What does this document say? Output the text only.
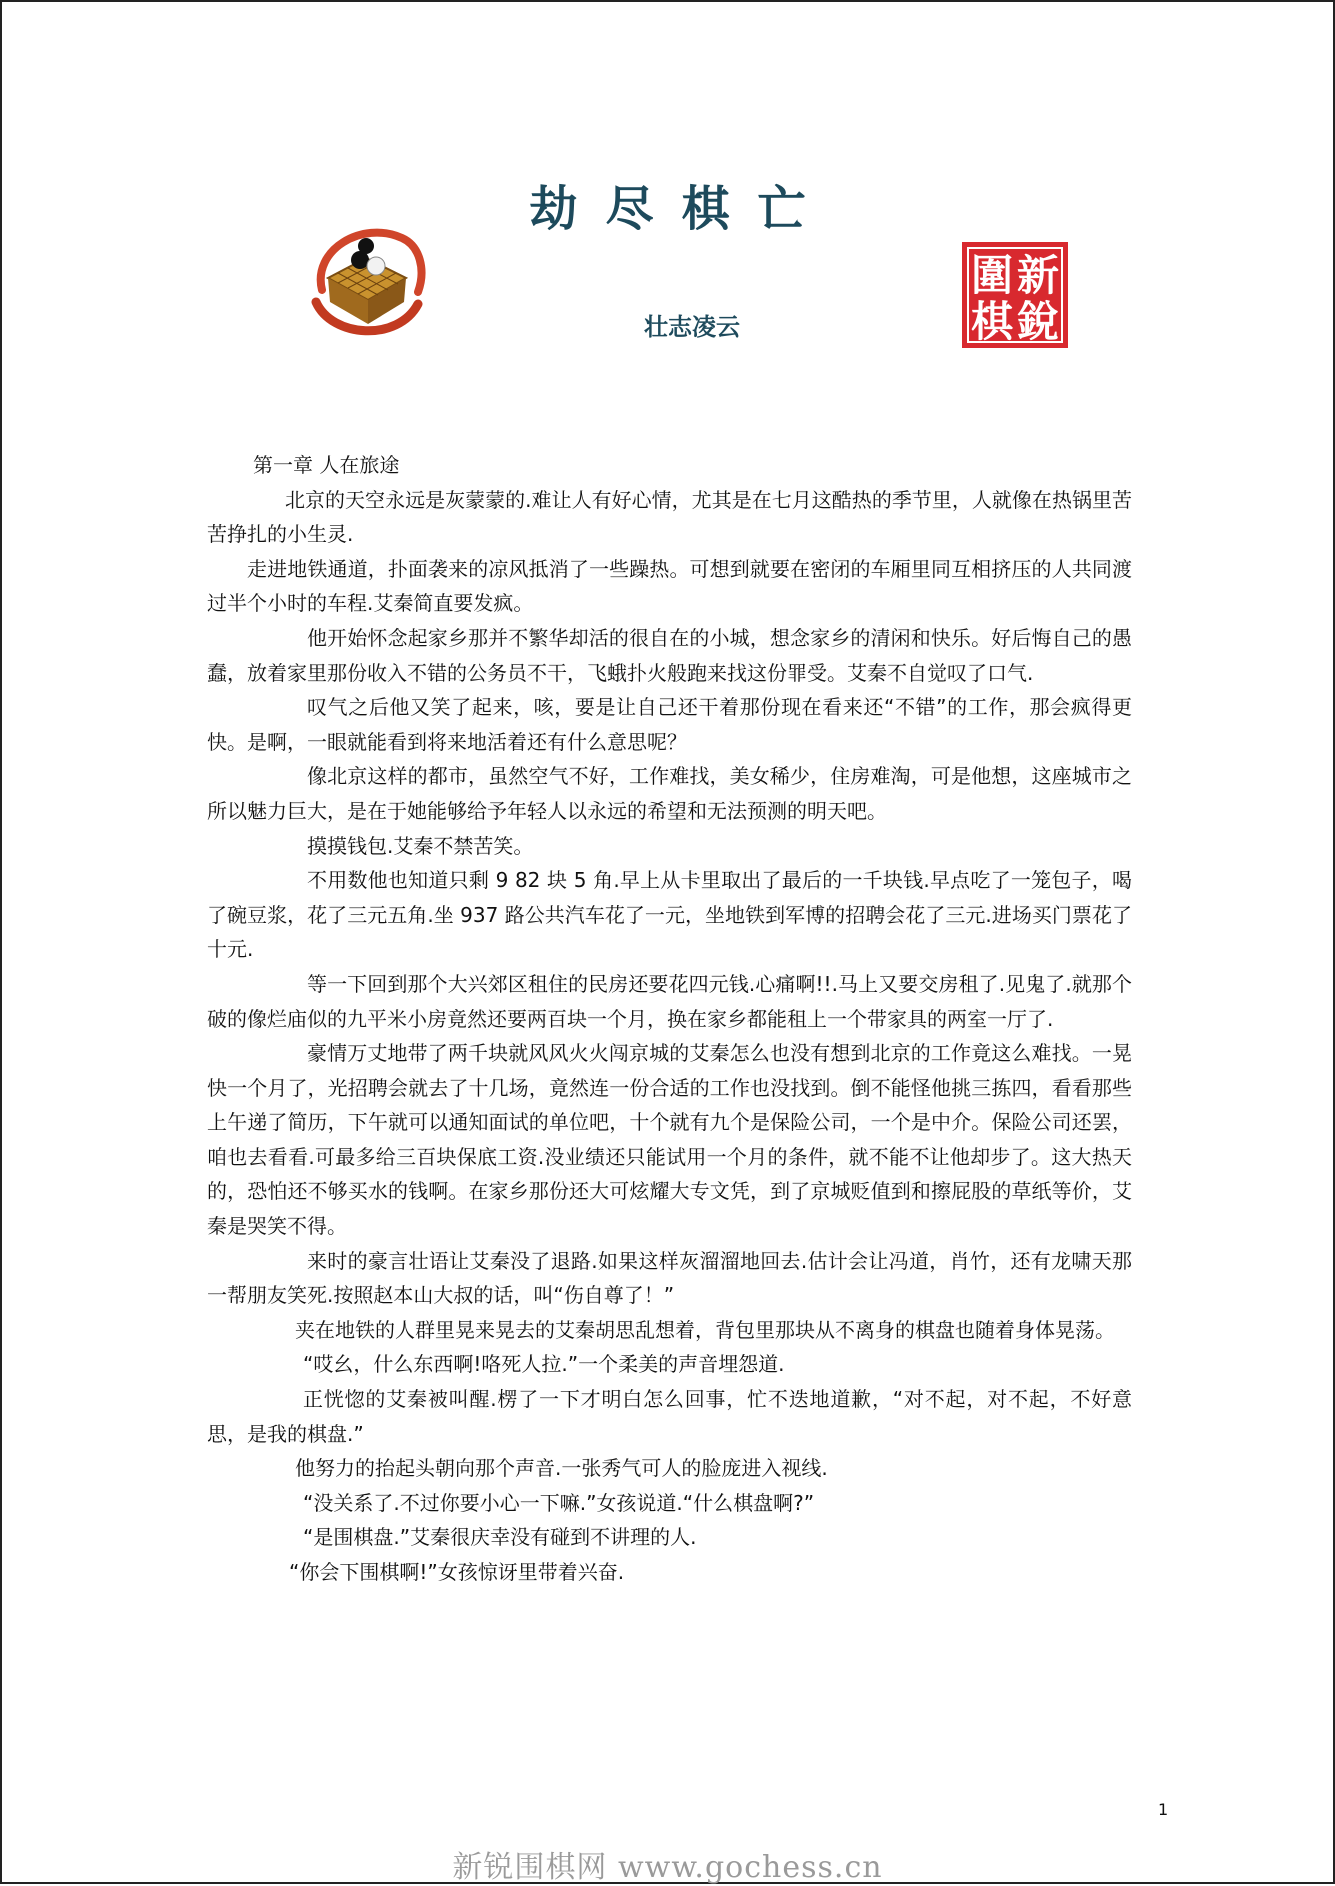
劫尽棋亡
壮志凌云
新
銳
圍
棋

第一章 人在旅途

北京的天空永远是灰蒙蒙的.难让人有好心情，尤其是在七月这酷热的季节里，人就像在热锅里苦苦挣扎的小生灵.

走进地铁通道，扑面袭来的凉风抵消了一些躁热。可想到就要在密闭的车厢里同互相挤压的人共同渡过半个小时的车程.艾秦简直要发疯。

他开始怀念起家乡那并不繁华却活的很自在的小城，想念家乡的清闲和快乐。好后悔自己的愚蠢，放着家里那份收入不错的公务员不干，飞蛾扑火般跑来找这份罪受。艾秦不自觉叹了口气.

叹气之后他又笑了起来，咳，要是让自己还干着那份现在看来还“不错”的工作，那会疯得更快。是啊，一眼就能看到将来地活着还有什么意思呢？

像北京这样的都市，虽然空气不好，工作难找，美女稀少，住房难淘，可是他想，这座城市之所以魅力巨大，是在于她能够给予年轻人以永远的希望和无法预测的明天吧。

摸摸钱包.艾秦不禁苦笑。

不用数他也知道只剩 9 82 块 5 角.早上从卡里取出了最后的一千块钱.早点吃了一笼包子，喝了碗豆浆，花了三元五角.坐 937 路公共汽车花了一元，坐地铁到军博的招聘会花了三元.进场买门票花了十元.

等一下回到那个大兴郊区租住的民房还要花四元钱.心痛啊!!.马上又要交房租了.见鬼了.就那个破的像烂庙似的九平米小房竟然还要两百块一个月，换在家乡都能租上一个带家具的两室一厅了.

豪情万丈地带了两千块就风风火火闯京城的艾秦怎么也没有想到北京的工作竟这么难找。一晃快一个月了，光招聘会就去了十几场，竟然连一份合适的工作也没找到。倒不能怪他挑三拣四，看看那些上午递了简历，下午就可以通知面试的单位吧，十个就有九个是保险公司，一个是中介。保险公司还罢，咱也去看看.可最多给三百块保底工资.没业绩还只能试用一个月的条件，就不能不让他却步了。这大热天的，恐怕还不够买水的钱啊。在家乡那份还大可炫耀大专文凭，到了京城贬值到和擦屁股的草纸等价，艾秦是哭笑不得。

来时的豪言壮语让艾秦没了退路.如果这样灰溜溜地回去.估计会让冯道，肖竹，还有龙啸天那一帮朋友笑死.按照赵本山大叔的话，叫“伤自尊了！”

夹在地铁的人群里晃来晃去的艾秦胡思乱想着，背包里那块从不离身的棋盘也随着身体晃荡。

“哎幺，什么东西啊!咯死人拉.”一个柔美的声音埋怨道.

正恍惚的艾秦被叫醒.楞了一下才明白怎么回事，忙不迭地道歉，“对不起，对不起，不好意思，是我的棋盘.”

他努力的抬起头朝向那个声音.一张秀气可人的脸庞进入视线.

“没关系了.不过你要小心一下嘛.”女孩说道.“什么棋盘啊?”

“是围棋盘.”艾秦很庆幸没有碰到不讲理的人.

“你会下围棋啊!”女孩惊讶里带着兴奋.

1
新锐围棋网 www.gochess.cn
